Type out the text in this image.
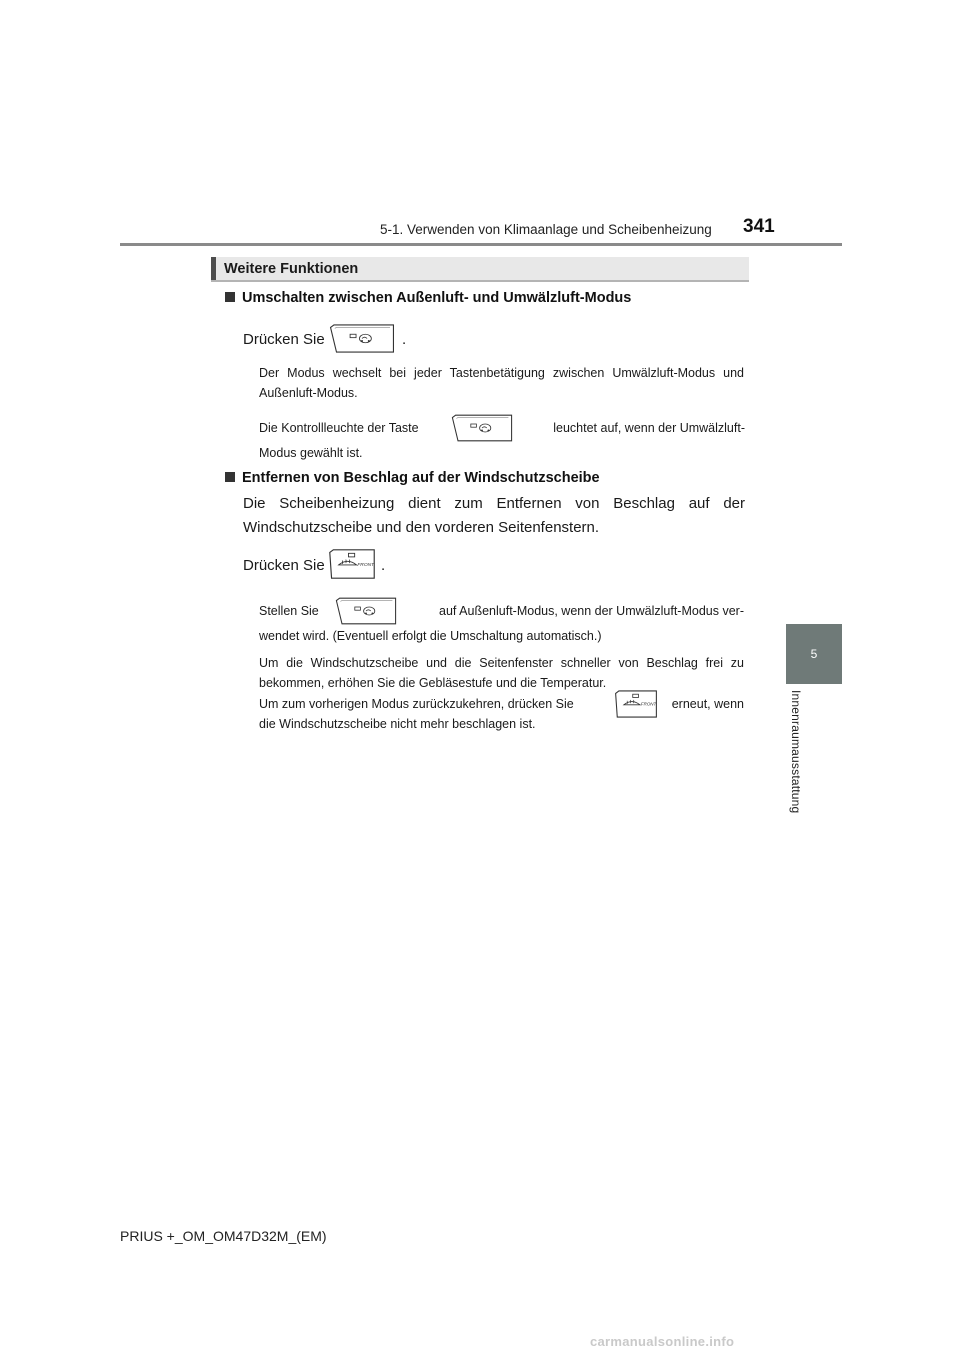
5-1. Verwenden von Klimaanlage und Scheibenheizung 341
5
Innenraumausstattung
Weitere Funktionen
Umschalten zwischen Außenluft- und Umwälzluft-Modus
Drücken Sie	.
Der Modus wechselt bei jeder Tastenbetätigung zwischen Umwälzluft-Modus und Außenluft-Modus.
Die Kontrollleuchte der Taste	leuchtet auf, wenn der Umwälzluft-
Modus gewählt ist.
Entfernen von Beschlag auf der Windschutzscheibe
Die Scheibenheizung dient zum Entfernen von Beschlag auf der Windschutzscheibe und den vorderen Seitenfenstern.
Drücken Sie	.
Stellen Sie	auf Außenluft-Modus, wenn der Umwälzluft-Modus ver-
wendet wird. (Eventuell erfolgt die Umschaltung automatisch.)
Um die Windschutzscheibe und die Seitenfenster schneller von Beschlag frei zu bekommen, erhöhen Sie die Gebläsestufe und die Temperatur.
Um zum vorherigen Modus zurückzukehren, drücken Sie	erneut, wenn
die Windschutzscheibe nicht mehr beschlagen ist.
PRIUS +_OM_OM47D32M_(EM)
carmanualsonline.info
